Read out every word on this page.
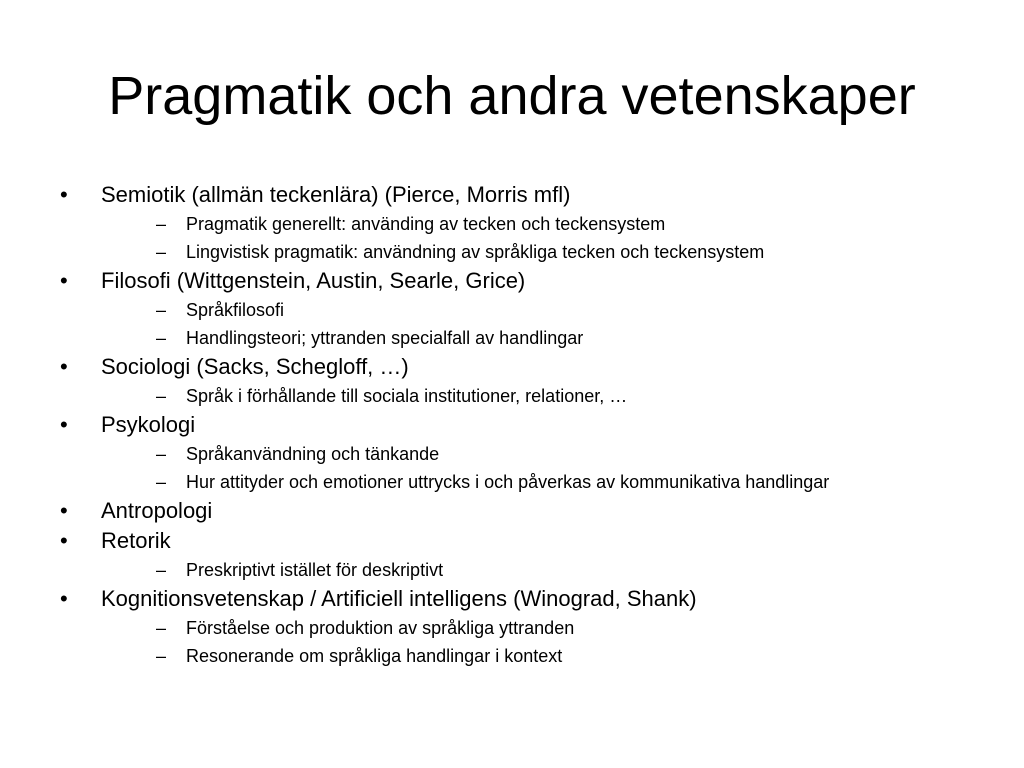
Pragmatik och andra vetenskaper
• Semiotik (allmän teckenlära) (Pierce, Morris mfl)
– Pragmatik generellt: använding av tecken och teckensystem
– Lingvistisk pragmatik: användning av språkliga tecken och teckensystem
• Filosofi (Wittgenstein, Austin, Searle, Grice)
– Språkfilosofi
– Handlingsteori; yttranden specialfall av handlingar
• Sociologi (Sacks, Schegloff, …)
– Språk i förhållande till sociala institutioner, relationer, …
• Psykologi
– Språkanvändning och tänkande
– Hur attityder och emotioner uttrycks i och påverkas av kommunikativa handlingar
• Antropologi
• Retorik
– Preskriptivt istället för deskriptivt
• Kognitionsvetenskap / Artificiell intelligens (Winograd, Shank)
– Förståelse och produktion av språkliga yttranden
– Resonerande om språkliga handlingar i kontext
